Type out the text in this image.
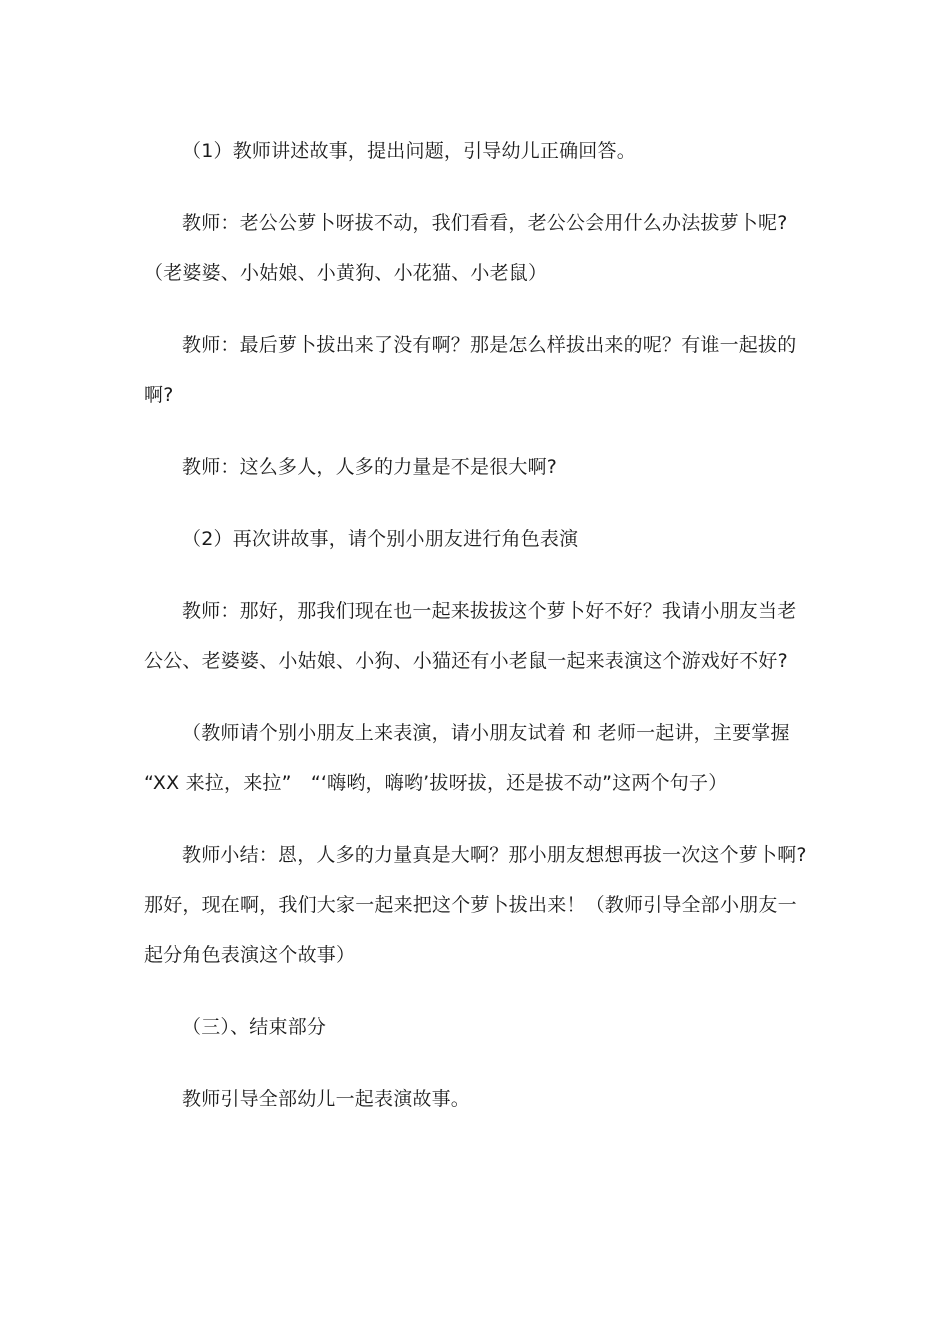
（1）教师讲述故事，提出问题，引导幼儿正确回答。

教师：老公公萝卜呀拔不动，我们看看，老公公会用什么办法拔萝卜呢?

（老婆婆、小姑娘、小黄狗、小花猫、小老鼠）

教师：最后萝卜拔出来了没有啊？那是怎么样拔出来的呢？有谁一起拔的

啊?

教师：这么多人，人多的力量是不是很大啊?

（2）再次讲故事，请个别小朋友进行角色表演

教师：那好，那我们现在也一起来拔拔这个萝卜好不好？我请小朋友当老

公公、老婆婆、小姑娘、小狗、小猫还有小老鼠一起来表演这个游戏好不好?

（教师请个别小朋友上来表演，请小朋友试着 和 老师一起讲，主要掌握

“XX 来拉，来拉”　“‘嗨哟，嗨哟’拔呀拔，还是拔不动”这两个句子）

教师小结：恩，人多的力量真是大啊？那小朋友想想再拔一次这个萝卜啊?

那好，现在啊，我们大家一起来把这个萝卜拔出来！（教师引导全部小朋友一

起分角色表演这个故事）

（三）、结束部分

教师引导全部幼儿一起表演故事。
